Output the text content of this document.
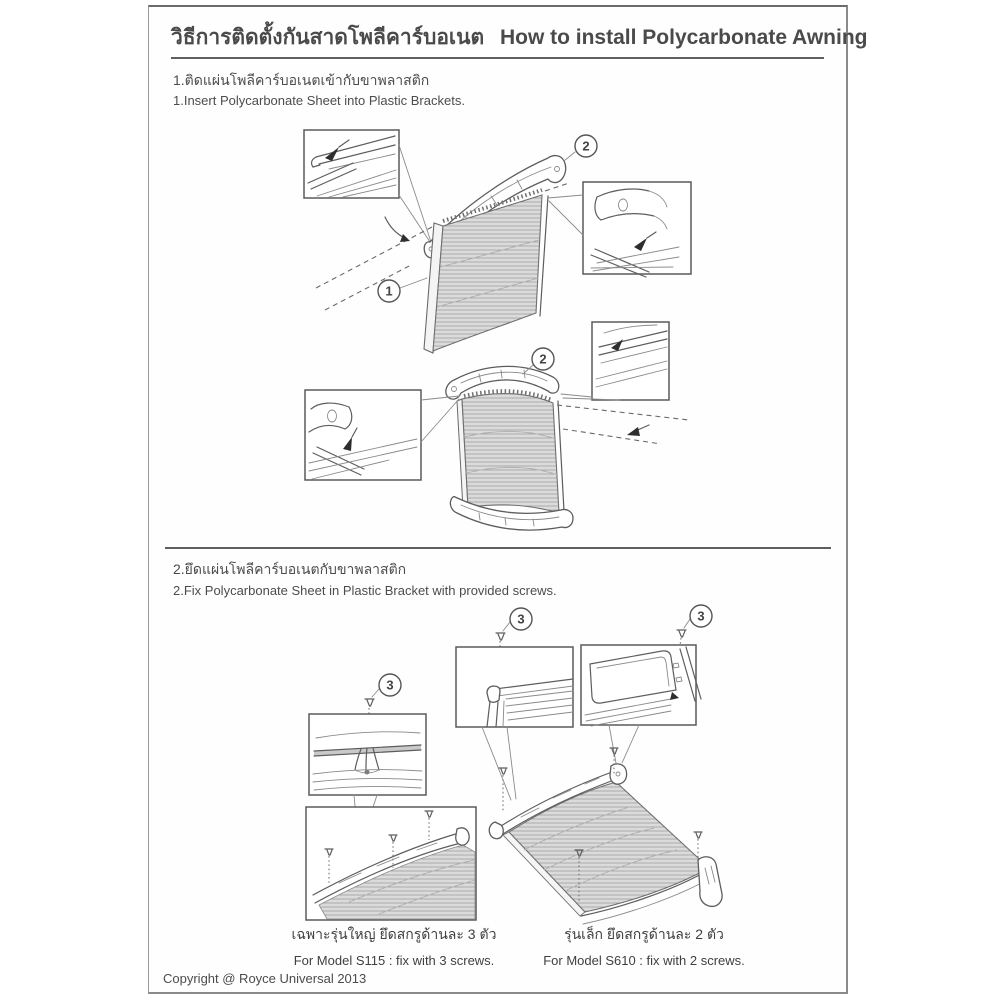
วิธีการติดตั้งกันสาดโพลีคาร์บอเนต How to install Polycarbonate Awning
1.ติดแผ่นโพลีคาร์บอเนตเข้ากับขาพลาสติก
1.Insert Polycarbonate Sheet into Plastic Brackets.
2
1
2
2.ยึดแผ่นโพลีคาร์บอเนตกับขาพลาสติก
2.Fix Polycarbonate Sheet in Plastic Bracket with provided screws.
3
3	3
เฉพาะรุ่นใหญ่ ยึดสกรูด้านละ 3 ตัว
For Model S115 : fix with 3 screws.
รุ่นเล็ก ยึดสกรูด้านละ 2 ตัว
For Model S610 : fix with 2 screws.
Copyright @ Royce Universal 2013
